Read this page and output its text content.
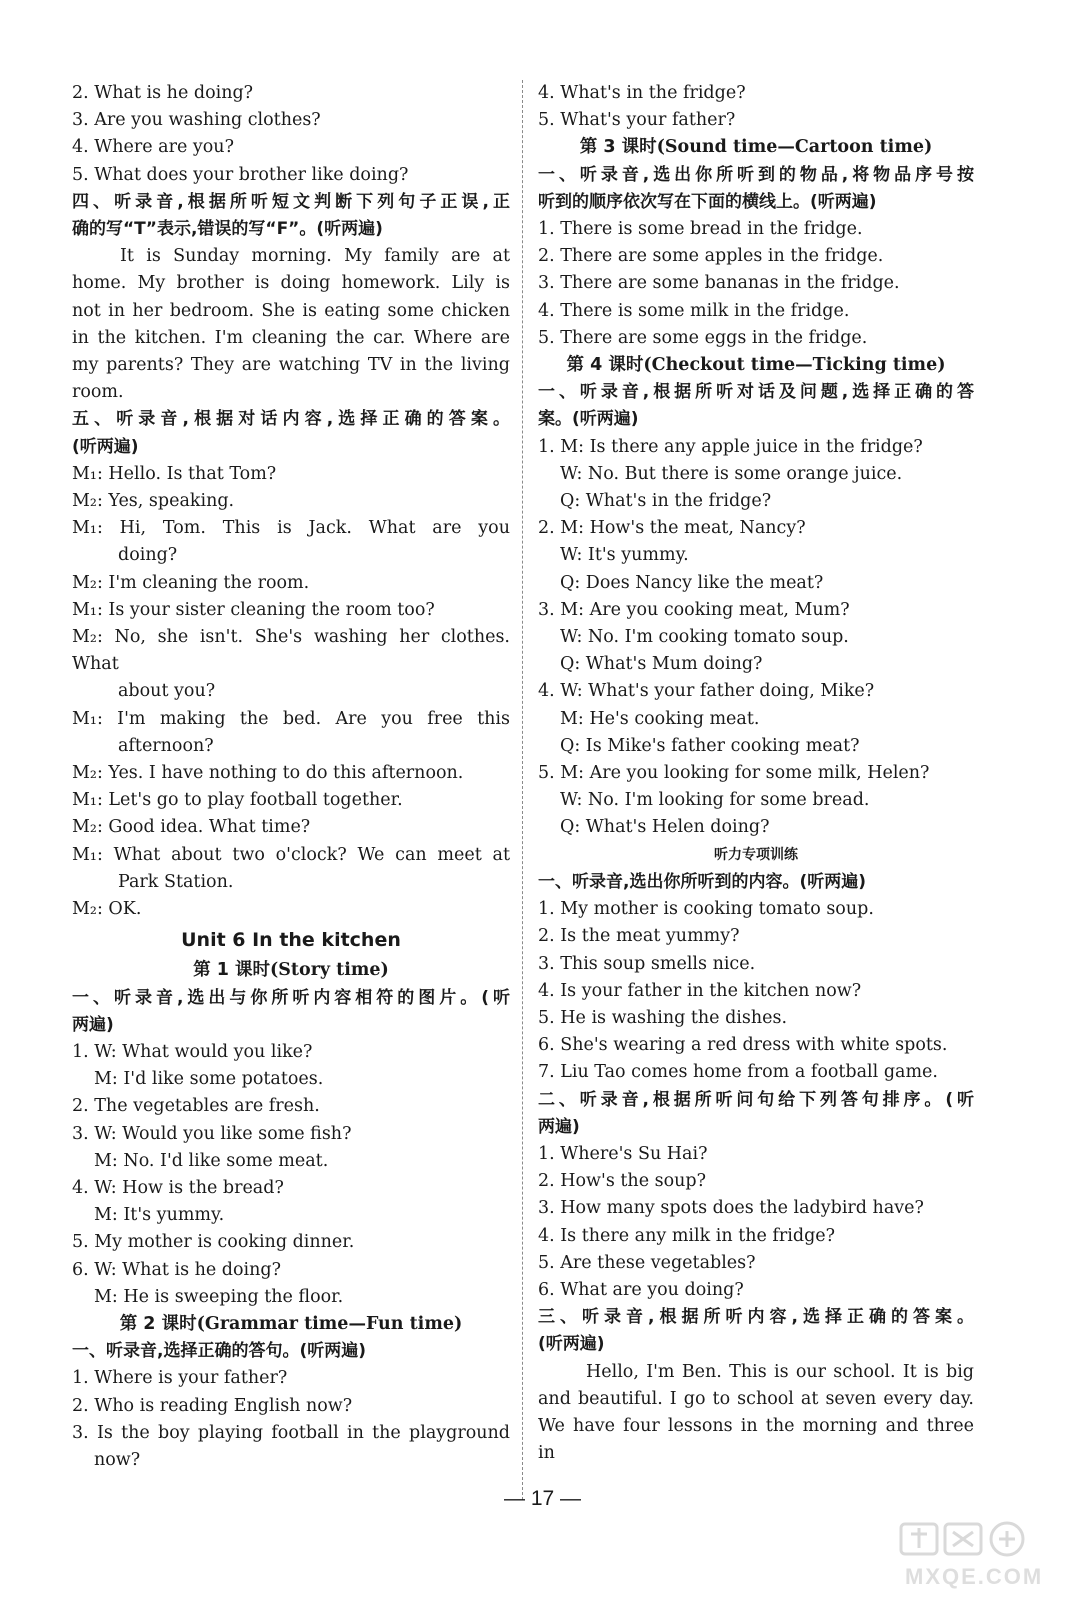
2. What is he doing?
3. Are you washing clothes?
4. Where are you?
5. What does your brother like doing?
四、听录音,根据所听短文判断下列句子正误,正
确的写“T”表示,错误的写“F”。(听两遍)
It is Sunday morning. My family are at
home. My brother is doing homework. Lily is
not in her bedroom. She is eating some chicken
in the kitchen. I'm cleaning the car. Where are
my parents? They are watching TV in the living
room.
五、听录音,根据对话内容,选择正确的答案。
(听两遍)
M₁: Hello. Is that Tom?
M₂: Yes, speaking.
M₁: Hi, Tom. This is Jack. What are you
doing?
M₂: I'm cleaning the room.
M₁: Is your sister cleaning the room too?
M₂: No, she isn't. She's washing her clothes. What
about you?
M₁: I'm making the bed. Are you free this
afternoon?
M₂: Yes. I have nothing to do this afternoon.
M₁: Let's go to play football together.
M₂: Good idea. What time?
M₁: What about two o'clock? We can meet at
Park Station.
M₂: OK.
Unit 6 In the kitchen
第 1 课时(Story time)
一、听录音,选出与你所听内容相符的图片。(听
两遍)
1. W: What would you like?
M: I'd like some potatoes.
2. The vegetables are fresh.
3. W: Would you like some fish?
M: No. I'd like some meat.
4. W: How is the bread?
M: It's yummy.
5. My mother is cooking dinner.
6. W: What is he doing?
M: He is sweeping the floor.
第 2 课时(Grammar time—Fun time)
一、听录音,选择正确的答句。(听两遍)
1. Where is your father?
2. Who is reading English now?
3. Is the boy playing football in the playground
now?
4. What's in the fridge?
5. What's your father?
第 3 课时(Sound time—Cartoon time)
一、听录音,选出你所听到的物品,将物品序号按
听到的顺序依次写在下面的横线上。(听两遍)
1. There is some bread in the fridge.
2. There are some apples in the fridge.
3. There are some bananas in the fridge.
4. There is some milk in the fridge.
5. There are some eggs in the fridge.
第 4 课时(Checkout time—Ticking time)
一、听录音,根据所听对话及问题,选择正确的答
案。(听两遍)
1. M: Is there any apple juice in the fridge?
W: No. But there is some orange juice.
Q: What's in the fridge?
2. M: How's the meat, Nancy?
W: It's yummy.
Q: Does Nancy like the meat?
3. M: Are you cooking meat, Mum?
W: No. I'm cooking tomato soup.
Q: What's Mum doing?
4. W: What's your father doing, Mike?
M: He's cooking meat.
Q: Is Mike's father cooking meat?
5. M: Are you looking for some milk, Helen?
W: No. I'm looking for some bread.
Q: What's Helen doing?
听力专项训练
一、听录音,选出你所听到的内容。(听两遍)
1. My mother is cooking tomato soup.
2. Is the meat yummy?
3. This soup smells nice.
4. Is your father in the kitchen now?
5. He is washing the dishes.
6. She's wearing a red dress with white spots.
7. Liu Tao comes home from a football game.
二、听录音,根据所听问句给下列答句排序。(听
两遍)
1. Where's Su Hai?
2. How's the soup?
3. How many spots does the ladybird have?
4. Is there any milk in the fridge?
5. Are these vegetables?
6. What are you doing?
三、听录音,根据所听内容,选择正确的答案。
(听两遍)
Hello, I'm Ben. This is our school. It is big
and beautiful. I go to school at seven every day.
We have four lessons in the morning and three in
— 17 —
MXQE.COM
